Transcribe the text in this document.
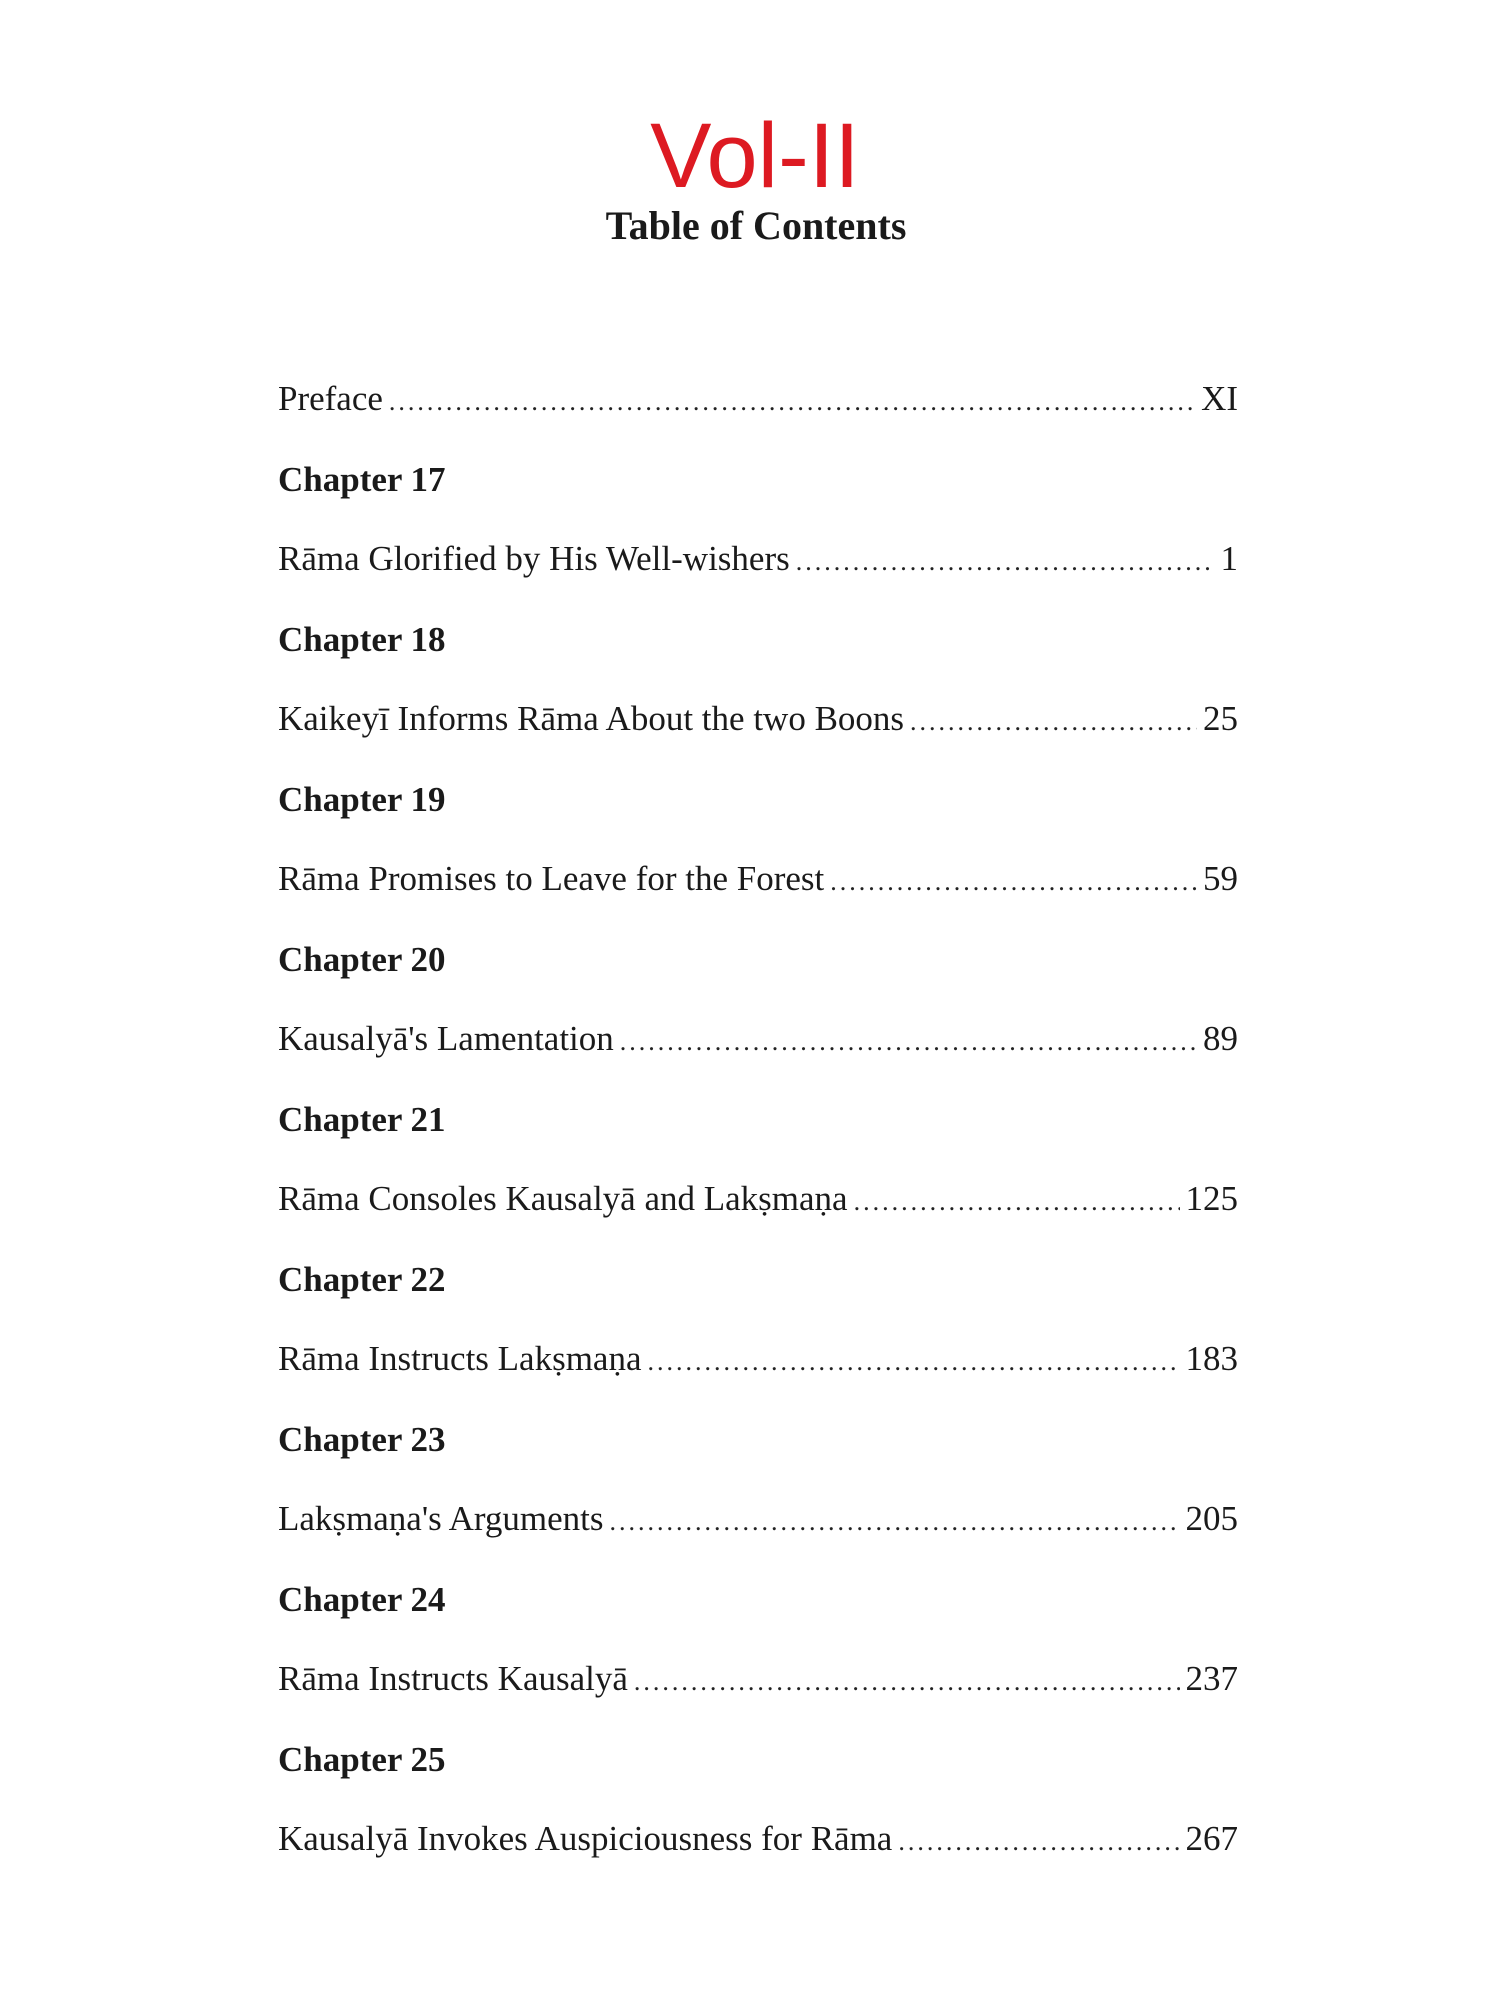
Vol-II
Table of Contents
Preface .....	XI
Chapter 17
Rāma Glorified by His Well-wishers .....	1
Chapter 18
Kaikeyī Informs Rāma About the two Boons .....	25
Chapter 19
Rāma Promises to Leave for the Forest .....	59
Chapter 20
Kausalyā's Lamentation .....	89
Chapter 21
Rāma Consoles Kausalyā and Lakṣmaṇa .....	125
Chapter 22
Rāma Instructs Lakṣmaṇa .....	183
Chapter 23
Lakṣmaṇa's Arguments .....	205
Chapter 24
Rāma Instructs Kausalyā .....	237
Chapter 25
Kausalyā Invokes Auspiciousness for Rāma .....	267
